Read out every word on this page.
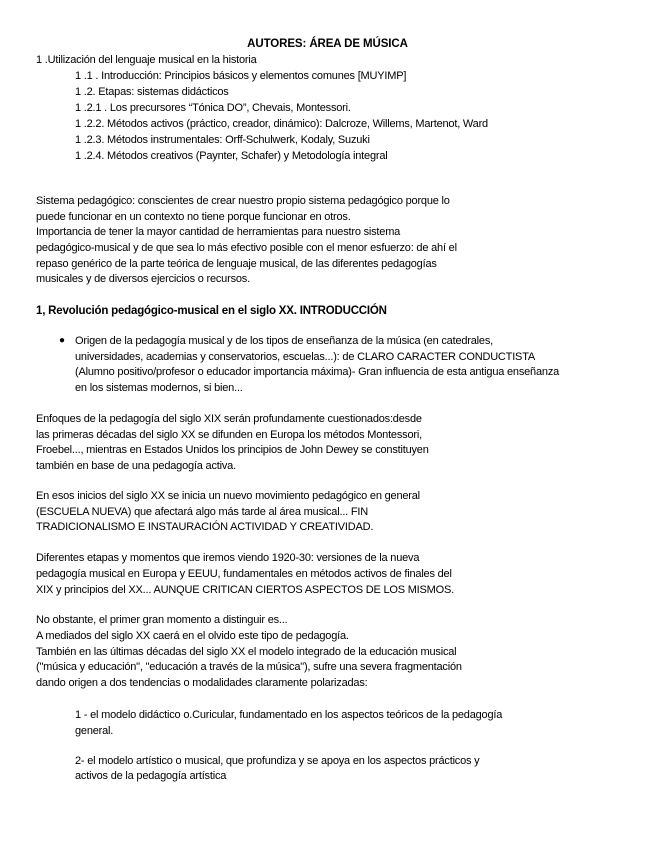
AUTORES: ÁREA DE MÚSICA
1 .Utilización del lenguaje musical en la historia
1 .1 . Introducción: Principios básicos y elementos comunes [MUYIMP]
1 .2. Etapas: sistemas didácticos
1 .2.1 . Los precursores “Tónica DO”, Chevais, Montessori.
1 .2.2. Métodos activos (práctico, creador, dinámico): Dalcroze, Willems, Martenot, Ward
1 .2.3. Métodos instrumentales: Orff-Schulwerk, Kodaly, Suzuki
1 .2.4. Métodos creativos (Paynter, Schafer) y Metodología integral
Sistema pedagógico: conscientes de crear nuestro propio sistema pedagógico porque lo
puede funcionar en un contexto no tiene porque funcionar en otros.
Importancia de tener la mayor cantidad de herramientas para nuestro sistema
pedagógico-musical y de que sea lo más efectivo posible con el menor esfuerzo: de ahí el
repaso genérico de la parte teórica de lenguaje musical, de las diferentes pedagogías
musicales y de diversos ejercicios o recursos.
1, Revolución pedagógico-musical en el siglo XX. INTRODUCCIÓN
● Origen de la pedagogía musical y de los tipos de enseñanza de la música (en catedrales,
universidades, academias y conservatorios, escuelas...): de CLARO CARACTER CONDUCTISTA
(Alumno positivo/profesor o educador importancia máxima)- Gran influencia de esta antigua enseñanza
en los sistemas modernos, si bien...
Enfoques de la pedagogía del siglo XIX serán profundamente cuestionados:desde
las primeras décadas del siglo XX se difunden en Europa los métodos Montessori,
Froebel..., mientras en Estados Unidos los principios de John Dewey se constituyen
también en base de una pedagogía activa.
En esos inicios del siglo XX se inicia un nuevo movimiento pedagógico en general
(ESCUELA NUEVA) que afectará algo más tarde al área musical... FIN
TRADICIONALISMO E INSTAURACIÓN ACTIVIDAD Y CREATIVIDAD.
Diferentes etapas y momentos que iremos viendo 1920-30: versiones de la nueva
pedagogía musical en Europa y EEUU, fundamentales en métodos activos de finales del
XIX y principios del XX... AUNQUE CRITICAN CIERTOS ASPECTOS DE LOS MISMOS.
No obstante, el primer gran momento a distinguir es...
A mediados del siglo XX caerá en el olvido este tipo de pedagogía.
También en las últimas décadas del siglo XX el modelo integrado de la educación musical
("música y educación", "educación a través de la música"), sufre una severa fragmentación
dando origen a dos tendencias o modalidades claramente polarizadas:
1 - el modelo didáctico o.Curicular, fundamentado en los aspectos teóricos de la pedagogía
general.
2- el modelo artístico o musical, que profundiza y se apoya en los aspectos prácticos y
activos de la pedagogía artística
